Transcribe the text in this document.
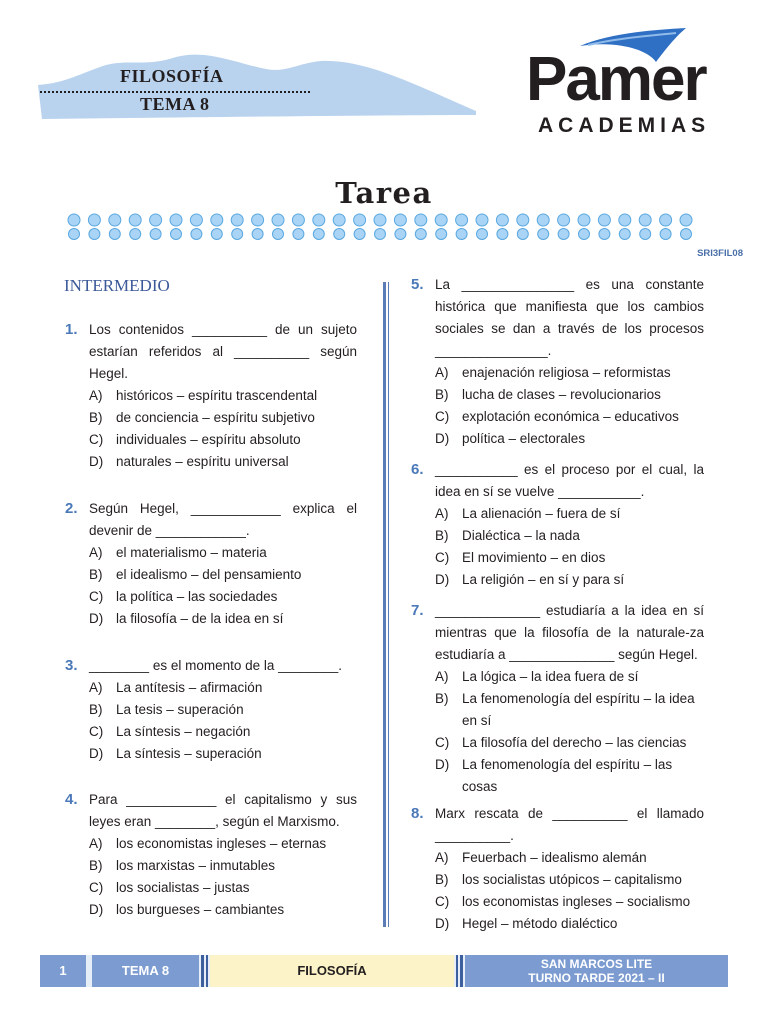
FILOSOFÍA
TEMA 8	Pamer
ACADEMIAS
Tarea
SRI3FIL08
INTERMEDIO
1. Los contenidos __________ de un sujeto estarían referidos al __________ según Hegel.
A) históricos – espíritu trascendental
B) de conciencia – espíritu subjetivo
C) individuales – espíritu absoluto
D) naturales – espíritu universal
2. Según Hegel, ____________ explica el devenir de ____________.
A) el materialismo – materia
B) el idealismo – del pensamiento
C) la política – las sociedades
D) la filosofía – de la idea en sí
3. ________ es el momento de la ________.
A) La antítesis – afirmación
B) La tesis – superación
C) La síntesis – negación
D) La síntesis – superación
4. Para ____________ el capitalismo y sus leyes eran ________, según el Marxismo.
A) los economistas ingleses – eternas
B) los marxistas – inmutables
C) los socialistas – justas
D) los burgueses – cambiantes
5. La _______________ es una constante histórica que manifiesta que los cambios sociales se dan a través de los procesos _______________.
A) enajenación religiosa – reformistas
B) lucha de clases – revolucionarios
C) explotación económica – educativos
D) política – electorales
6. ___________ es el proceso por el cual, la idea en sí se vuelve ___________.
A) La alienación – fuera de sí
B) Dialéctica – la nada
C) El movimiento – en dios
D) La religión – en sí y para sí
7. ______________ estudiaría a la idea en sí mientras que la filosofía de la naturale-za estudiaría a ______________ según Hegel.
A) La lógica – la idea fuera de sí
B) La fenomenología del espíritu – la idea en sí
C) La filosofía del derecho – las ciencias
D) La fenomenología del espíritu – las cosas
8. Marx rescata de __________ el llamado __________.
A) Feuerbach – idealismo alemán
B) los socialistas utópicos – capitalismo
C) los economistas ingleses – socialismo
D) Hegel – método dialéctico
1	TEMA 8	FILOSOFÍA	SAN MARCOS LITE
TURNO TARDE 2021 – II
